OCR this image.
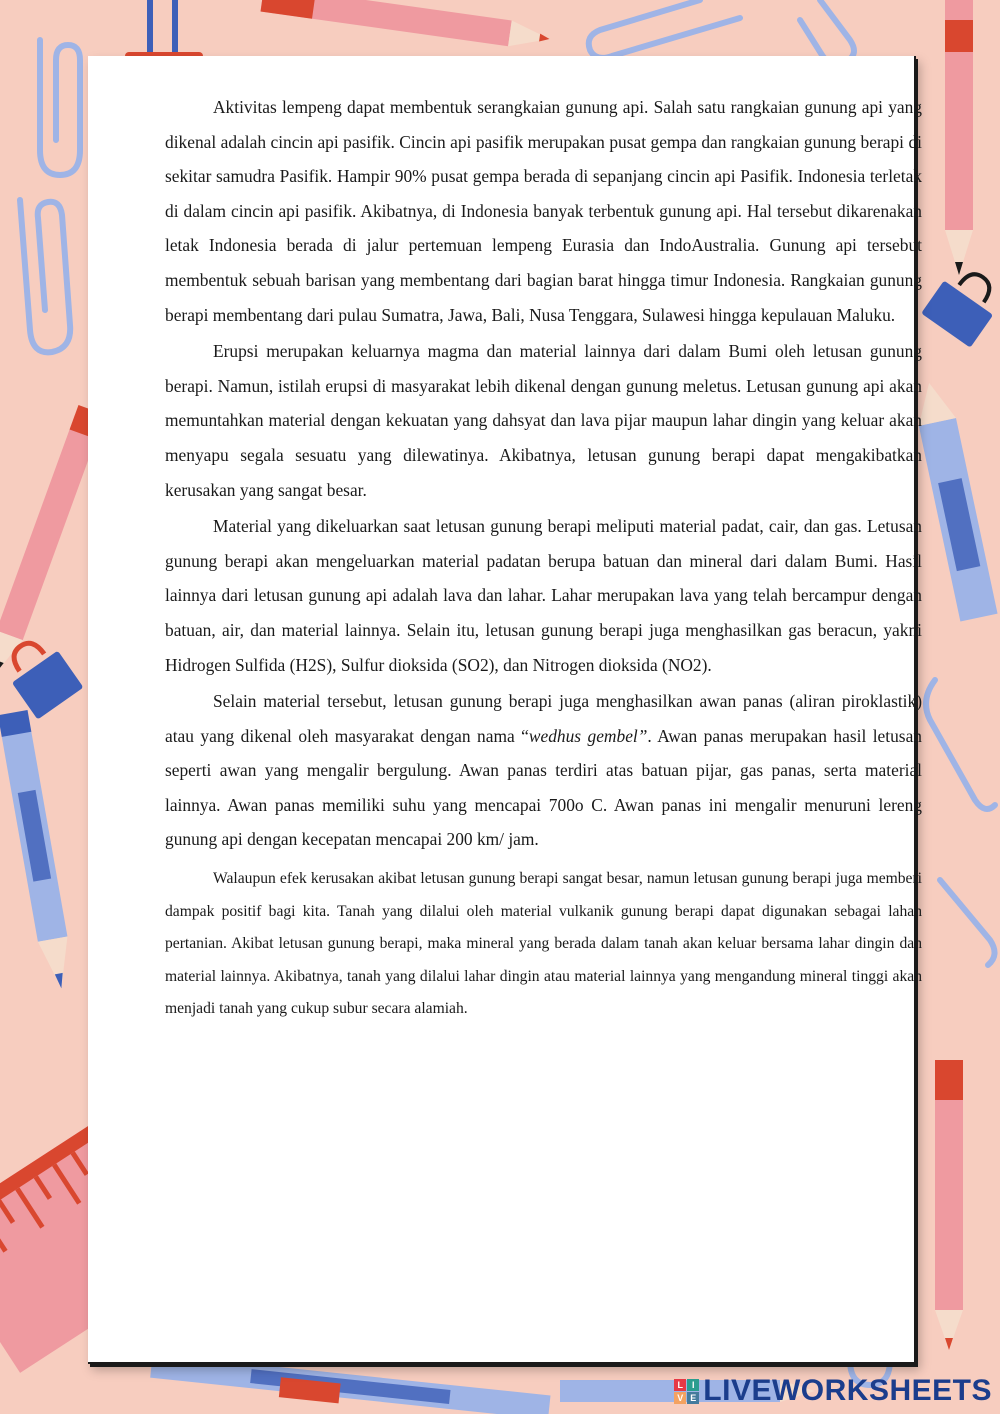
Aktivitas lempeng dapat membentuk serangkaian gunung api. Salah satu rangkaian gunung api yang dikenal adalah cincin api pasifik. Cincin api pasifik merupakan pusat gempa dan rangkaian gunung berapi di sekitar samudra Pasifik. Hampir 90% pusat gempa berada di sepanjang cincin api Pasifik. Indonesia terletak di dalam cincin api pasifik. Akibatnya, di Indonesia banyak terbentuk gunung api. Hal tersebut dikarenakan letak Indonesia berada di jalur pertemuan lempeng Eurasia dan IndoAustralia. Gunung api tersebut membentuk sebuah barisan yang membentang dari bagian barat hingga timur Indonesia. Rangkaian gunung berapi membentang dari pulau Sumatra, Jawa, Bali, Nusa Tenggara, Sulawesi hingga kepulauan Maluku.

Erupsi merupakan keluarnya magma dan material lainnya dari dalam Bumi oleh letusan gunung berapi. Namun, istilah erupsi di masyarakat lebih dikenal dengan gunung meletus. Letusan gunung api akan memuntahkan material dengan kekuatan yang dahsyat dan lava pijar maupun lahar dingin yang keluar akan menyapu segala sesuatu yang dilewatinya. Akibatnya, letusan gunung berapi dapat mengakibatkan kerusakan yang sangat besar.

Material yang dikeluarkan saat letusan gunung berapi meliputi material padat, cair, dan gas. Letusan gunung berapi akan mengeluarkan material padatan berupa batuan dan mineral dari dalam Bumi. Hasil lainnya dari letusan gunung api adalah lava dan lahar. Lahar merupakan lava yang telah bercampur dengan batuan, air, dan material lainnya. Selain itu, letusan gunung berapi juga menghasilkan gas beracun, yakni Hidrogen Sulfida (H2S), Sulfur dioksida (SO2), dan Nitrogen dioksida (NO2).

Selain material tersebut, letusan gunung berapi juga menghasilkan awan panas (aliran piroklastik) atau yang dikenal oleh masyarakat dengan nama “wedhus gembel”. Awan panas merupakan hasil letusan seperti awan yang mengalir bergulung. Awan panas terdiri atas batuan pijar, gas panas, serta material lainnya. Awan panas memiliki suhu yang mencapai 700o C. Awan panas ini mengalir menuruni lereng gunung api dengan kecepatan mencapai 200 km/ jam.

Walaupun efek kerusakan akibat letusan gunung berapi sangat besar, namun letusan gunung berapi juga memberi dampak positif bagi kita. Tanah yang dilalui oleh material vulkanik gunung berapi dapat digunakan sebagai lahan pertanian. Akibat letusan gunung berapi, maka mineral yang berada dalam tanah akan keluar bersama lahar dingin dan material lainnya. Akibatnya, tanah yang dilalui lahar dingin atau material lainnya yang mengandung mineral tinggi akan menjadi tanah yang cukup subur secara alamiah.

L I
V E LIVEWORKSHEETS
